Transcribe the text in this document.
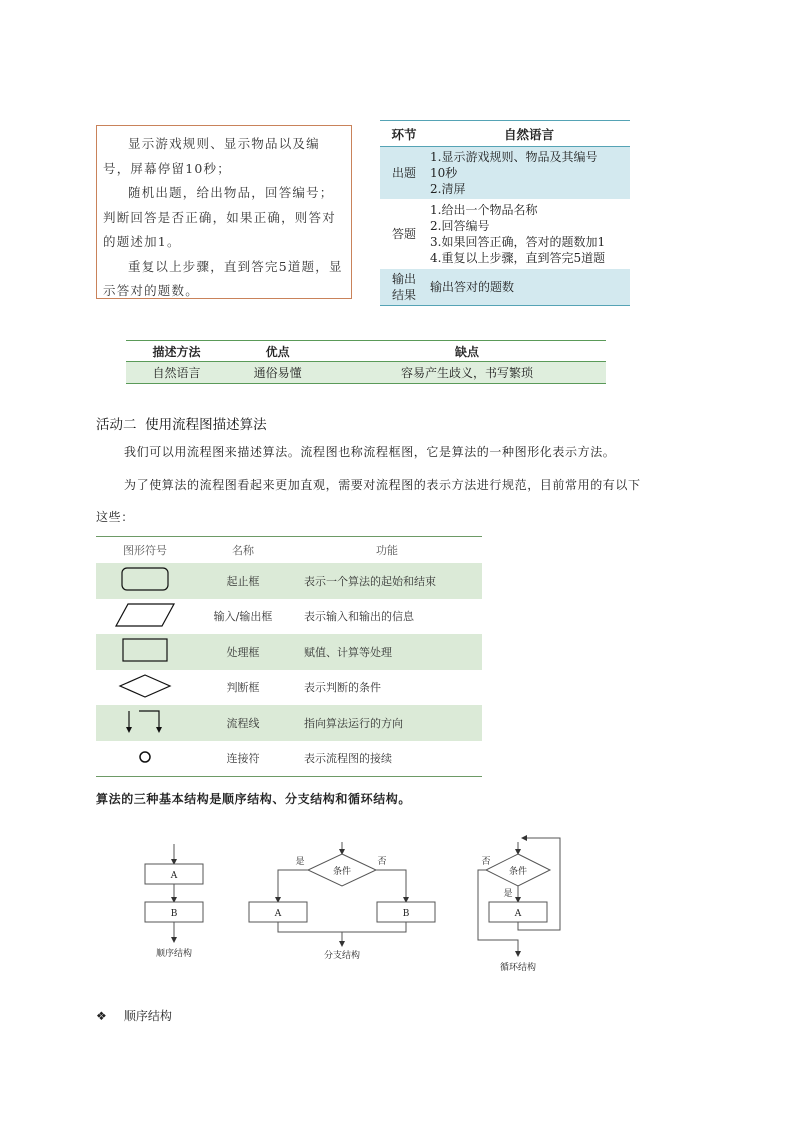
显示游戏规则、显示物品以及编号，屏幕停留10秒；

随机出题，给出物品，回答编号；判断回答是否正确，如果正确，则答对的题述加1。

重复以上步骤，直到答完5道题，显示答对的题数。

环节	自然语言
出题	1.显示游戏规则、物品及其编号
10秒
2.清屏

答题	1.给出一个物品名称
2.回答编号
3.如果回答正确，答对的题数加1
4.重复以上步骤，直到答完5道题

输出
结果	输出答对的题数
描述方法	优点	缺点
自然语言	通俗易懂	容易产生歧义，书写繁琐
活动二  使用流程图描述算法
我们可以用流程图来描述算法。流程图也称流程框图，它是算法的一种图形化表示方法。
为了使算法的流程图看起来更加直观，需要对流程图的表示方法进行规范，目前常用的有以下
这些：
图形符号	名称	功能
	起止框	表示一个算法的起始和结束
	输入/输出框	表示输入和输出的信息
	处理框	赋值、计算等处理
	判断框	表示判断的条件
	流程线	指向算法运行的方向
	连接符	表示流程图的接续
算法的三种基本结构是顺序结构、分支结构和循环结构。
A
B
顺序结构
条件
是	否
A	B
分支结构
条件
否
是
A
循环结构
❖ 顺序结构
